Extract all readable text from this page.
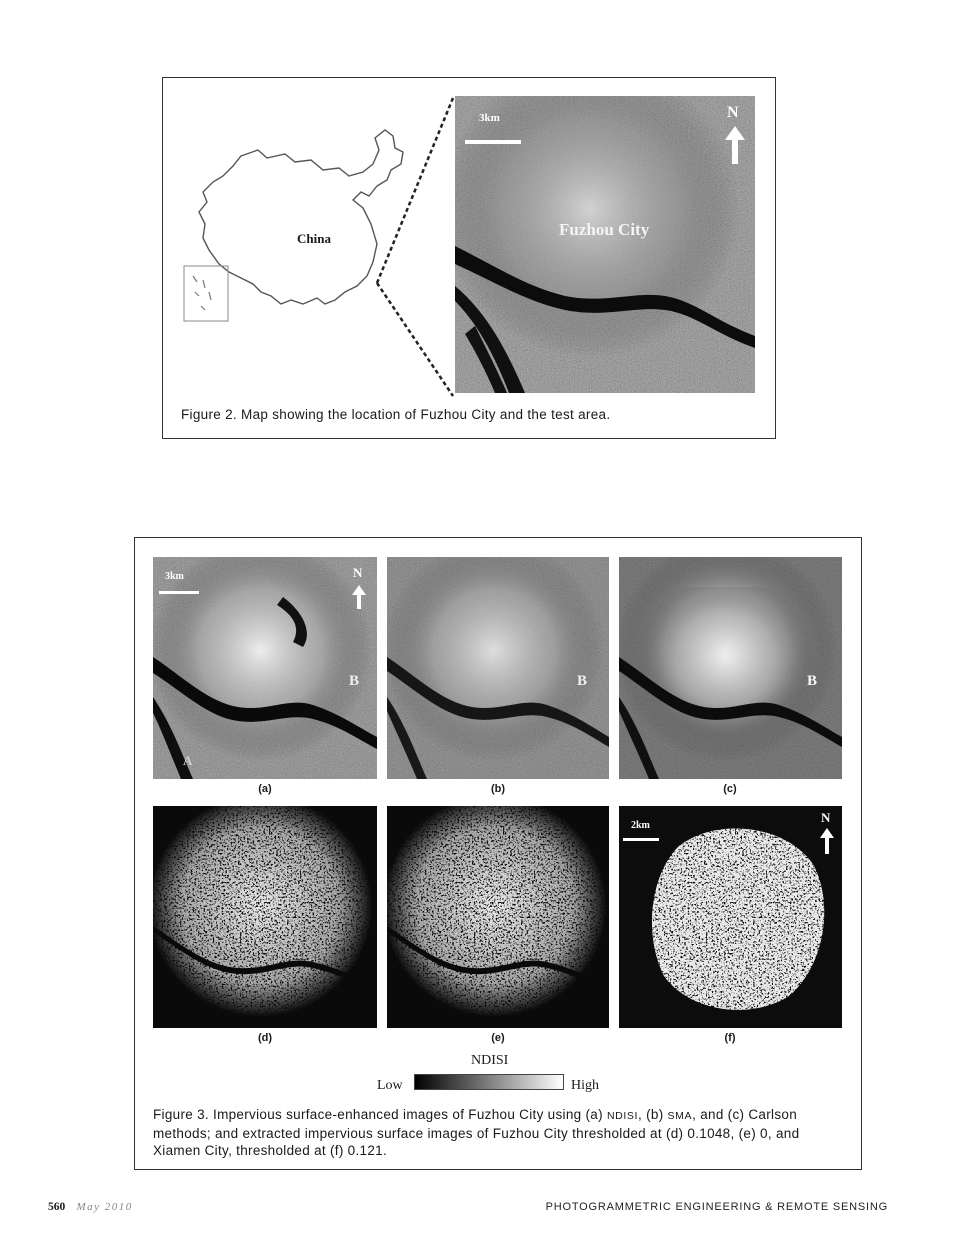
China
3km	N
Fuzhou City
Figure 2. Map showing the location of Fuzhou City and the test area.
3km	N
B
A
B	B
(a)	(b)	(c)
2km
N
(d)	(e)	(f)
NDISI
Low	High
Figure 3. Impervious surface-enhanced images of Fuzhou City using (a) NDISI, (b) SMA, and (c) Carlson methods; and extracted impervious surface images of Fuzhou City thresholded at (d) 0.1048, (e) 0, and Xiamen City, thresholded at (f) 0.121.
560 May 2010	PHOTOGRAMMETRIC ENGINEERING & REMOTE SENSING
